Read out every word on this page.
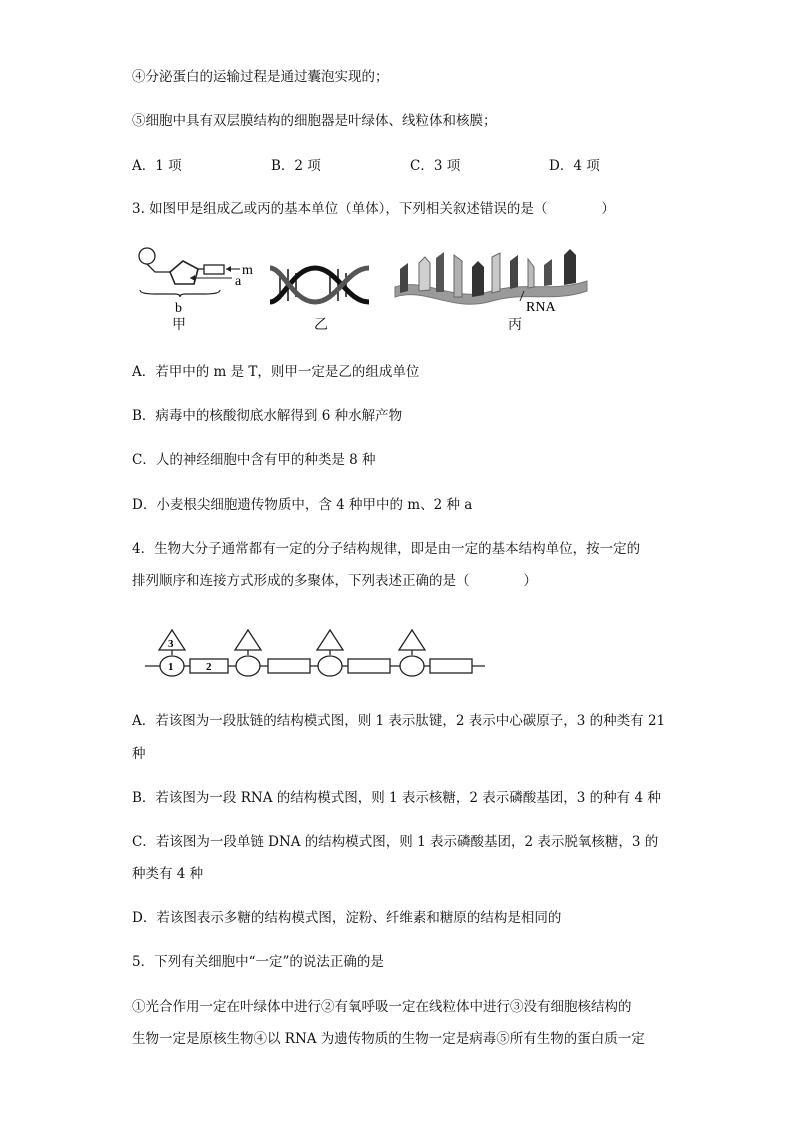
④分泌蛋白的运输过程是通过囊泡实现的；
⑤细胞中具有双层膜结构的细胞器是叶绿体、线粒体和核膜；
A．1 项	B．2 项	C．3 项	D．4 项
3. 如图甲是组成乙或丙的基本单位（单体），下列相关叙述错误的是（　　　　）
m
a
b
甲	乙
RNA
丙
A．若甲中的 m 是 T，则甲一定是乙的组成单位
B．病毒中的核酸彻底水解得到 6 种水解产物
C．人的神经细胞中含有甲的种类是 8 种
D．小麦根尖细胞遗传物质中，含 4 种甲中的 m、2 种 a
4．生物大分子通常都有一定的分子结构规律，即是由一定的基本结构单位，按一定的
排列顺序和连接方式形成的多聚体，下列表述正确的是（　　　　）
3
1	2
A．若该图为一段肽链的结构模式图，则 1 表示肽键，2 表示中心碳原子，3 的种类有 21
种
B．若该图为一段 RNA 的结构模式图，则 1 表示核糖，2 表示磷酸基团，3 的种有 4 种
C．若该图为一段单链 DNA 的结构模式图，则 1 表示磷酸基团，2 表示脱氧核糖，3 的
种类有 4 种
D．若该图表示多糖的结构模式图，淀粉、纤维素和糖原的结构是相同的
5．下列有关细胞中“一定”的说法正确的是
①光合作用一定在叶绿体中进行②有氧呼吸一定在线粒体中进行③没有细胞核结构的
生物一定是原核生物④以 RNA 为遗传物质的生物一定是病毒⑤所有生物的蛋白质一定
